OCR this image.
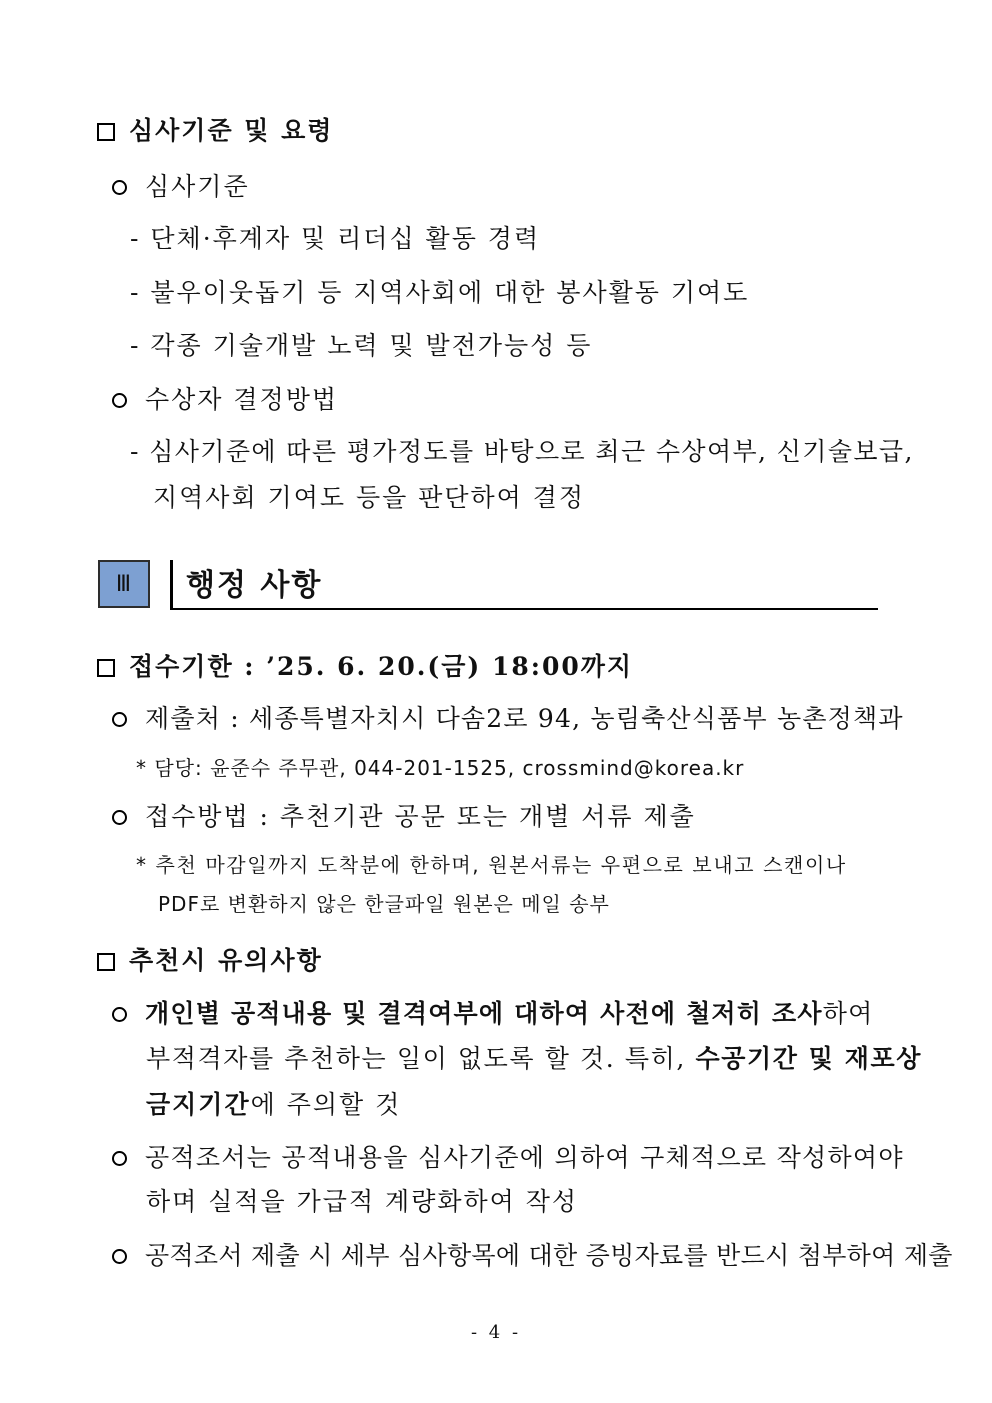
심사기준 및 요령
심사기준
- 단체·후계자 및 리더십 활동 경력
- 불우이웃돕기 등 지역사회에 대한 봉사활동 기여도
- 각종 기술개발 노력 및 발전가능성 등
수상자 결정방법
- 심사기준에 따른 평가정도를 바탕으로 최근 수상여부, 신기술보급,
지역사회 기여도 등을 판단하여 결정
Ⅲ	행정 사항
접수기한 : ’25. 6. 20.(금) 18:00까지
제출처 : 세종특별자치시 다솜2로 94, 농림축산식품부 농촌정책과
* 담당: 윤준수 주무관, 044-201-1525, crossmind@korea.kr
접수방법 : 추천기관 공문 또는 개별 서류 제출
* 추천 마감일까지 도착분에 한하며, 원본서류는 우편으로 보내고 스캔이나
PDF로 변환하지 않은 한글파일 원본은 메일 송부
추천시 유의사항
개인별 공적내용 및 결격여부에 대하여 사전에 철저히 조사하여
부적격자를 추천하는 일이 없도록 할 것. 특히, 수공기간 및 재포상
금지기간에 주의할 것
공적조서는 공적내용을 심사기준에 의하여 구체적으로 작성하여야
하며 실적을 가급적 계량화하여 작성
공적조서 제출 시 세부 심사항목에 대한 증빙자료를 반드시 첨부하여 제출
- 4 -
